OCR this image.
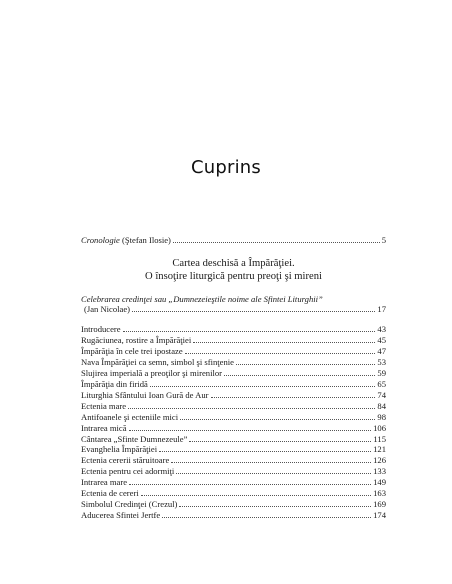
Cuprins
Cronologie (Ştefan Ilosie)	5
Cartea deschisă a Împărăţiei.
O însoţire liturgică pentru preoţi şi mireni
Celebrarea credinţei sau „Dumnezeieştile noime ale Sfintei Liturghii”
(Jan Nicolae)	17
Introducere	43
Rugăciunea, rostire a Împărăţiei	45
Împărăţia în cele trei ipostaze	47
Nava Împărăţiei ca semn, simbol şi sfinţenie	53
Slujirea imperială a preoţilor şi mirenilor	59
Împărăţia din firidă	65
Liturghia Sfântului Ioan Gură de Aur	74
Ectenia mare	84
Antifoanele şi ecteniile mici	98
Intrarea mică	106
Cântarea „Sfinte Dumnezeule”	115
Evanghelia Împărăţiei	121
Ectenia cererii stăruitoare	126
Ectenia pentru cei adormiţi	133
Intrarea mare	149
Ectenia de cereri	163
Simbolul Credinţei (Crezul)	169
Aducerea Sfintei Jertfe	174
